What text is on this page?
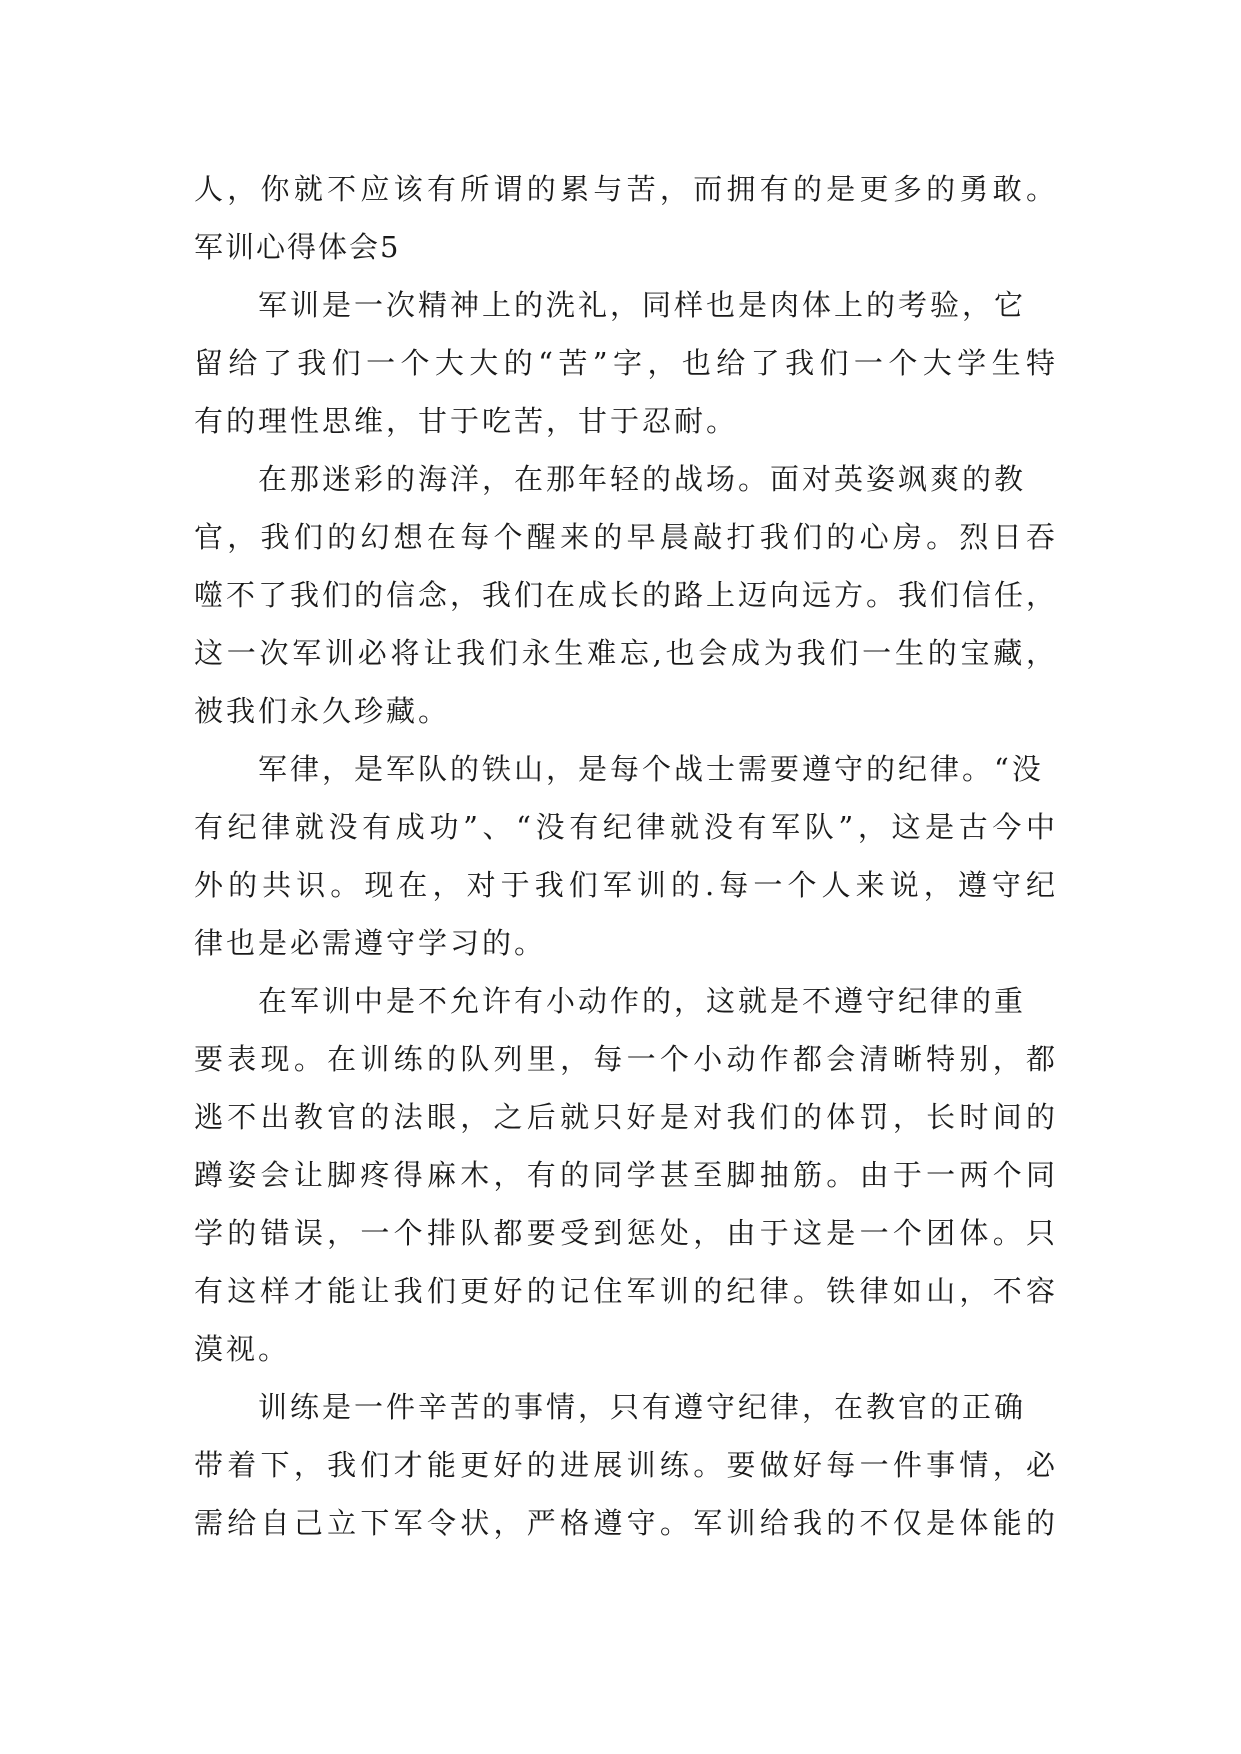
人，你就不应该有所谓的累与苦，而拥有的是更多的勇敢。
军训心得体会5
军训是一次精神上的洗礼，同样也是肉体上的考验，它
留给了我们一个大大的“苦”字，也给了我们一个大学生特
有的理性思维，甘于吃苦，甘于忍耐。
在那迷彩的海洋，在那年轻的战场。面对英姿飒爽的教
官，我们的幻想在每个醒来的早晨敲打我们的心房。烈日吞
噬不了我们的信念，我们在成长的路上迈向远方。我们信任，
这一次军训必将让我们永生难忘,也会成为我们一生的宝藏，
被我们永久珍藏。
军律，是军队的铁山，是每个战士需要遵守的纪律。“没
有纪律就没有成功”、“没有纪律就没有军队”，这是古今中
外的共识。现在，对于我们军训的.每一个人来说，遵守纪
律也是必需遵守学习的。
在军训中是不允许有小动作的，这就是不遵守纪律的重
要表现。在训练的队列里，每一个小动作都会清晰特别，都
逃不出教官的法眼，之后就只好是对我们的体罚，长时间的
蹲姿会让脚疼得麻木，有的同学甚至脚抽筋。由于一两个同
学的错误，一个排队都要受到惩处，由于这是一个团体。只
有这样才能让我们更好的记住军训的纪律。铁律如山，不容
漠视。
训练是一件辛苦的事情，只有遵守纪律，在教官的正确
带着下，我们才能更好的进展训练。要做好每一件事情，必
需给自己立下军令状，严格遵守。军训给我的不仅是体能的
